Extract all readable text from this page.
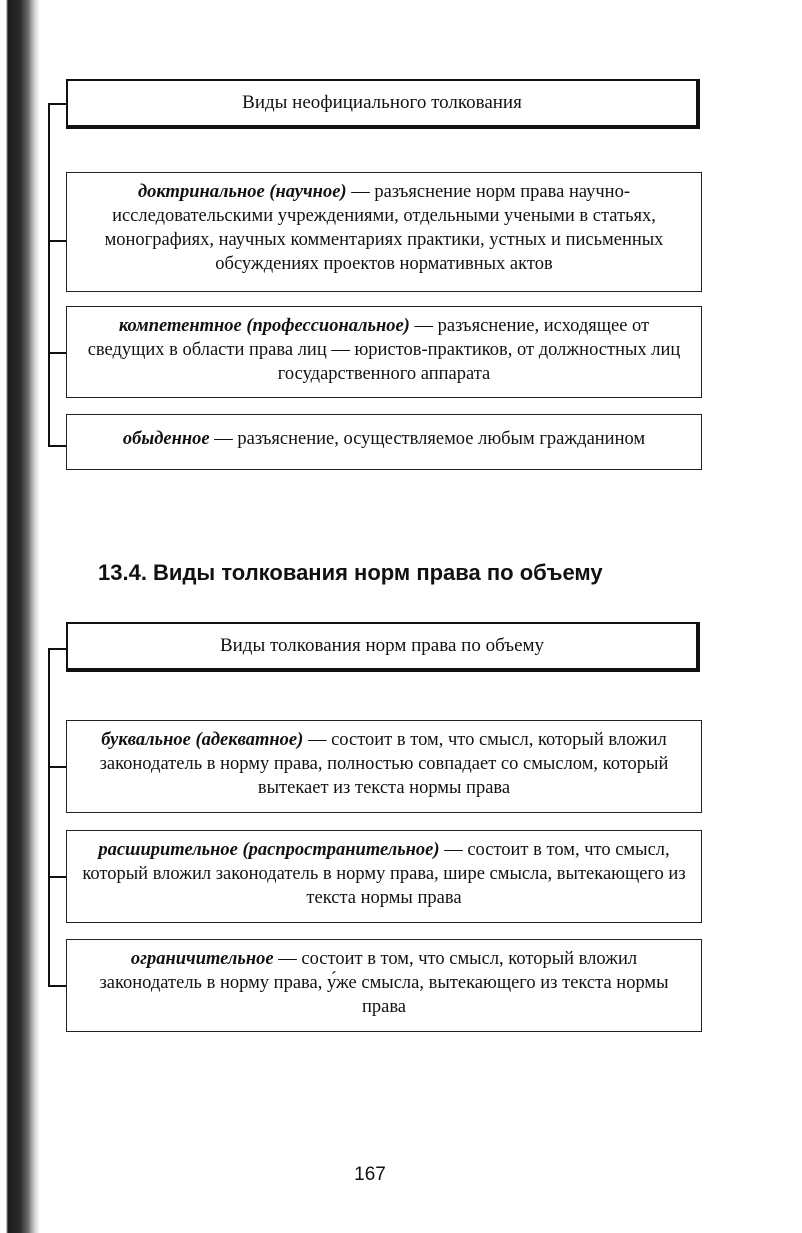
Виды неофициального толкования
доктринальное (научное) — разъяснение норм права научно-исследовательскими учреждениями, отдельными учеными в статьях, монографиях, научных комментариях практики, устных и письменных обсуждениях проектов нормативных актов
компетентное (профессиональное) — разъяснение, исходящее от сведущих в области права лиц — юристов-практиков, от должностных лиц государственного аппарата
обыденное — разъяснение, осуществляемое любым гражданином
13.4. Виды толкования норм права по объему
Виды толкования норм права по объему
буквальное (адекватное) — состоит в том, что смысл, который вложил законодатель в норму права, полностью совпадает со смыслом, который вытекает из текста нормы права
расширительное (распространительное) — состоит в том, что смысл, который вложил законодатель в норму права, шире смысла, вытекающего из текста нормы права
ограничительное — состоит в том, что смысл, который вложил законодатель в норму права, у́же смысла, вытекающего из текста нормы права
167
